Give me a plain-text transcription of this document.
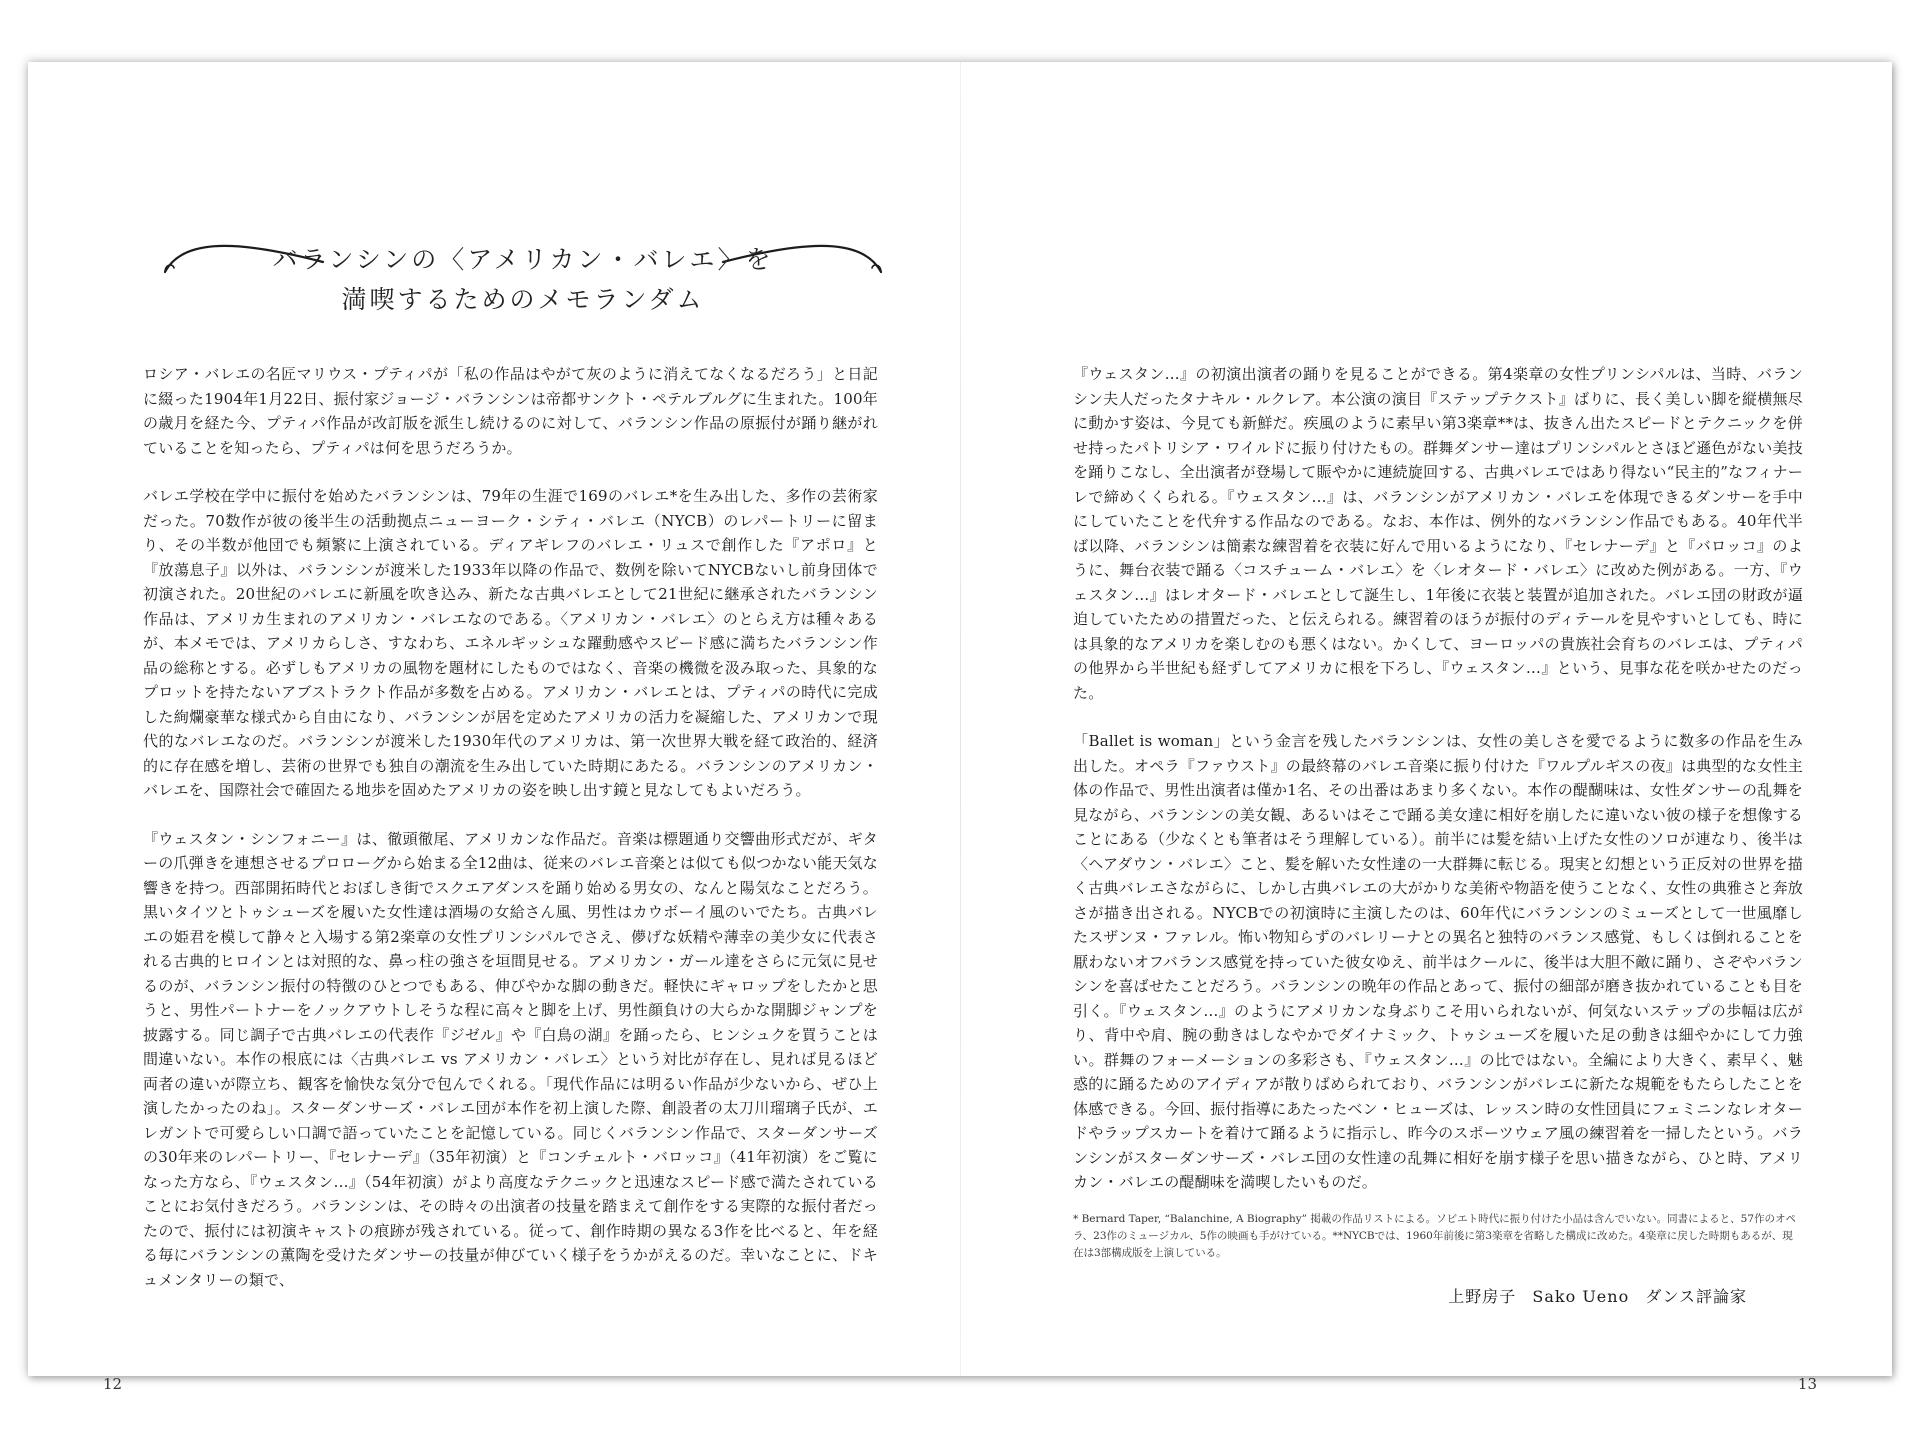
バランシンの〈アメリカン・バレエ〉を
満喫するためのメモランダム

ロシア・バレエの名匠マリウス・プティパが「私の作品はやがて灰のように消えてなくなるだろう」と日記に綴った1904年1月22日、振付家ジョージ・バランシンは帝都サンクト・ペテルブルグに生まれた。100年の歳月を経た今、プティパ作品が改訂版を派生し続けるのに対して、バランシン作品の原振付が踊り継がれていることを知ったら、プティパは何を思うだろうか。

バレエ学校在学中に振付を始めたバランシンは、79年の生涯で169のバレエ*を生み出した、多作の芸術家だった。70数作が彼の後半生の活動拠点ニューヨーク・シティ・バレエ（NYCB）のレパートリーに留まり、その半数が他団でも頻繁に上演されている。ディアギレフのバレエ・リュスで創作した『アポロ』と『放蕩息子』以外は、バランシンが渡米した1933年以降の作品で、数例を除いてNYCBないし前身団体で初演された。20世紀のバレエに新風を吹き込み、新たな古典バレエとして21世紀に継承されたバランシン作品は、アメリカ生まれのアメリカン・バレエなのである。〈アメリカン・バレエ〉のとらえ方は種々あるが、本メモでは、アメリカらしさ、すなわち、エネルギッシュな躍動感やスピード感に満ちたバランシン作品の総称とする。必ずしもアメリカの風物を題材にしたものではなく、音楽の機微を汲み取った、具象的なプロットを持たないアブストラクト作品が多数を占める。アメリカン・バレエとは、プティパの時代に完成した絢爛豪華な様式から自由になり、バランシンが居を定めたアメリカの活力を凝縮した、アメリカンで現代的なバレエなのだ。バランシンが渡米した1930年代のアメリカは、第一次世界大戦を経て政治的、経済的に存在感を増し、芸術の世界でも独自の潮流を生み出していた時期にあたる。バランシンのアメリカン・バレエを、国際社会で確固たる地歩を固めたアメリカの姿を映し出す鏡と見なしてもよいだろう。

『ウェスタン・シンフォニー』は、徹頭徹尾、アメリカンな作品だ。音楽は標題通り交響曲形式だが、ギターの爪弾きを連想させるプロローグから始まる全12曲は、従来のバレエ音楽とは似ても似つかない能天気な響きを持つ。西部開拓時代とおぼしき街でスクエアダンスを踊り始める男女の、なんと陽気なことだろう。黒いタイツとトゥシューズを履いた女性達は酒場の女給さん風、男性はカウボーイ風のいでたち。古典バレエの姫君を模して静々と入場する第2楽章の女性プリンシパルでさえ、儚げな妖精や薄幸の美少女に代表される古典的ヒロインとは対照的な、鼻っ柱の強さを垣間見せる。アメリカン・ガール達をさらに元気に見せるのが、バランシン振付の特徴のひとつでもある、伸びやかな脚の動きだ。軽快にギャロップをしたかと思うと、男性パートナーをノックアウトしそうな程に高々と脚を上げ、男性顔負けの大らかな開脚ジャンプを披露する。同じ調子で古典バレエの代表作『ジゼル』や『白鳥の湖』を踊ったら、ヒンシュクを買うことは間違いない。本作の根底には〈古典バレエ vs アメリカン・バレエ〉という対比が存在し、見れば見るほど両者の違いが際立ち、観客を愉快な気分で包んでくれる。「現代作品には明るい作品が少ないから、ぜひ上演したかったのね」。スターダンサーズ・バレエ団が本作を初上演した際、創設者の太刀川瑠璃子氏が、エレガントで可愛らしい口調で語っていたことを記憶している。同じくバランシン作品で、スターダンサーズの30年来のレパートリー、『セレナーデ』（35年初演）と『コンチェルト・バロッコ』（41年初演）をご覧になった方なら、『ウェスタン…』（54年初演）がより高度なテクニックと迅速なスピード感で満たされていることにお気付きだろう。バランシンは、その時々の出演者の技量を踏まえて創作をする実際的な振付者だったので、振付には初演キャストの痕跡が残されている。従って、創作時期の異なる3作を比べると、年を経る毎にバランシンの薫陶を受けたダンサーの技量が伸びていく様子をうかがえるのだ。幸いなことに、ドキュメンタリーの類で、

『ウェスタン…』の初演出演者の踊りを見ることができる。第4楽章の女性プリンシパルは、当時、バランシン夫人だったタナキル・ルクレア。本公演の演目『ステップテクスト』ばりに、長く美しい脚を縦横無尽に動かす姿は、今見ても新鮮だ。疾風のように素早い第3楽章**は、抜きん出たスピードとテクニックを併せ持ったパトリシア・ワイルドに振り付けたもの。群舞ダンサー達はプリンシパルとさほど遜色がない美技を踊りこなし、全出演者が登場して賑やかに連続旋回する、古典バレエではあり得ない“民主的”なフィナーレで締めくくられる。『ウェスタン…』は、バランシンがアメリカン・バレエを体現できるダンサーを手中にしていたことを代弁する作品なのである。なお、本作は、例外的なバランシン作品でもある。40年代半ば以降、バランシンは簡素な練習着を衣装に好んで用いるようになり、『セレナーデ』と『バロッコ』のように、舞台衣装で踊る〈コスチューム・バレエ〉を〈レオタード・バレエ〉に改めた例がある。一方、『ウェスタン…』はレオタード・バレエとして誕生し、1年後に衣装と装置が追加された。バレエ団の財政が逼迫していたための措置だった、と伝えられる。練習着のほうが振付のディテールを見やすいとしても、時には具象的なアメリカを楽しむのも悪くはない。かくして、ヨーロッパの貴族社会育ちのバレエは、プティパの他界から半世紀も経ずしてアメリカに根を下ろし、『ウェスタン…』という、見事な花を咲かせたのだった。

「Ballet is woman」という金言を残したバランシンは、女性の美しさを愛でるように数多の作品を生み出した。オペラ『ファウスト』の最終幕のバレエ音楽に振り付けた『ワルプルギスの夜』は典型的な女性主体の作品で、男性出演者は僅か1名、その出番はあまり多くない。本作の醍醐味は、女性ダンサーの乱舞を見ながら、バランシンの美女観、あるいはそこで踊る美女達に相好を崩したに違いない彼の様子を想像することにある（少なくとも筆者はそう理解している）。前半には髪を結い上げた女性のソロが連なり、後半は〈ヘアダウン・バレエ〉こと、髪を解いた女性達の一大群舞に転じる。現実と幻想という正反対の世界を描く古典バレエさながらに、しかし古典バレエの大がかりな美術や物語を使うことなく、女性の典雅さと奔放さが描き出される。NYCBでの初演時に主演したのは、60年代にバランシンのミューズとして一世風靡したスザンヌ・ファレル。怖い物知らずのバレリーナとの異名と独特のバランス感覚、もしくは倒れることを厭わないオフバランス感覚を持っていた彼女ゆえ、前半はクールに、後半は大胆不敵に踊り、さぞやバランシンを喜ばせたことだろう。バランシンの晩年の作品とあって、振付の細部が磨き抜かれていることも目を引く。『ウェスタン…』のようにアメリカンな身ぶりこそ用いられないが、何気ないステップの歩幅は広がり、背中や肩、腕の動きはしなやかでダイナミック、トゥシューズを履いた足の動きは細やかにして力強い。群舞のフォーメーションの多彩さも、『ウェスタン…』の比ではない。全編により大きく、素早く、魅惑的に踊るためのアイディアが散りばめられており、バランシンがバレエに新たな規範をもたらしたことを体感できる。今回、振付指導にあたったベン・ヒューズは、レッスン時の女性団員にフェミニンなレオタードやラップスカートを着けて踊るように指示し、昨今のスポーツウェア風の練習着を一掃したという。バランシンがスターダンサーズ・バレエ団の女性達の乱舞に相好を崩す様子を思い描きながら、ひと時、アメリカン・バレエの醍醐味を満喫したいものだ。

* Bernard Taper, “Balanchine, A Biography” 掲載の作品リストによる。ソビエト時代に振り付けた小品は含んでいない。同書によると、57作のオペラ、23作のミュージカル、5作の映画も手がけている。**NYCBでは、1960年前後に第3楽章を省略した構成に改めた。4楽章に戻した時期もあるが、現在は3部構成版を上演している。

上野房子 Sako Ueno ダンス評論家
12	13
